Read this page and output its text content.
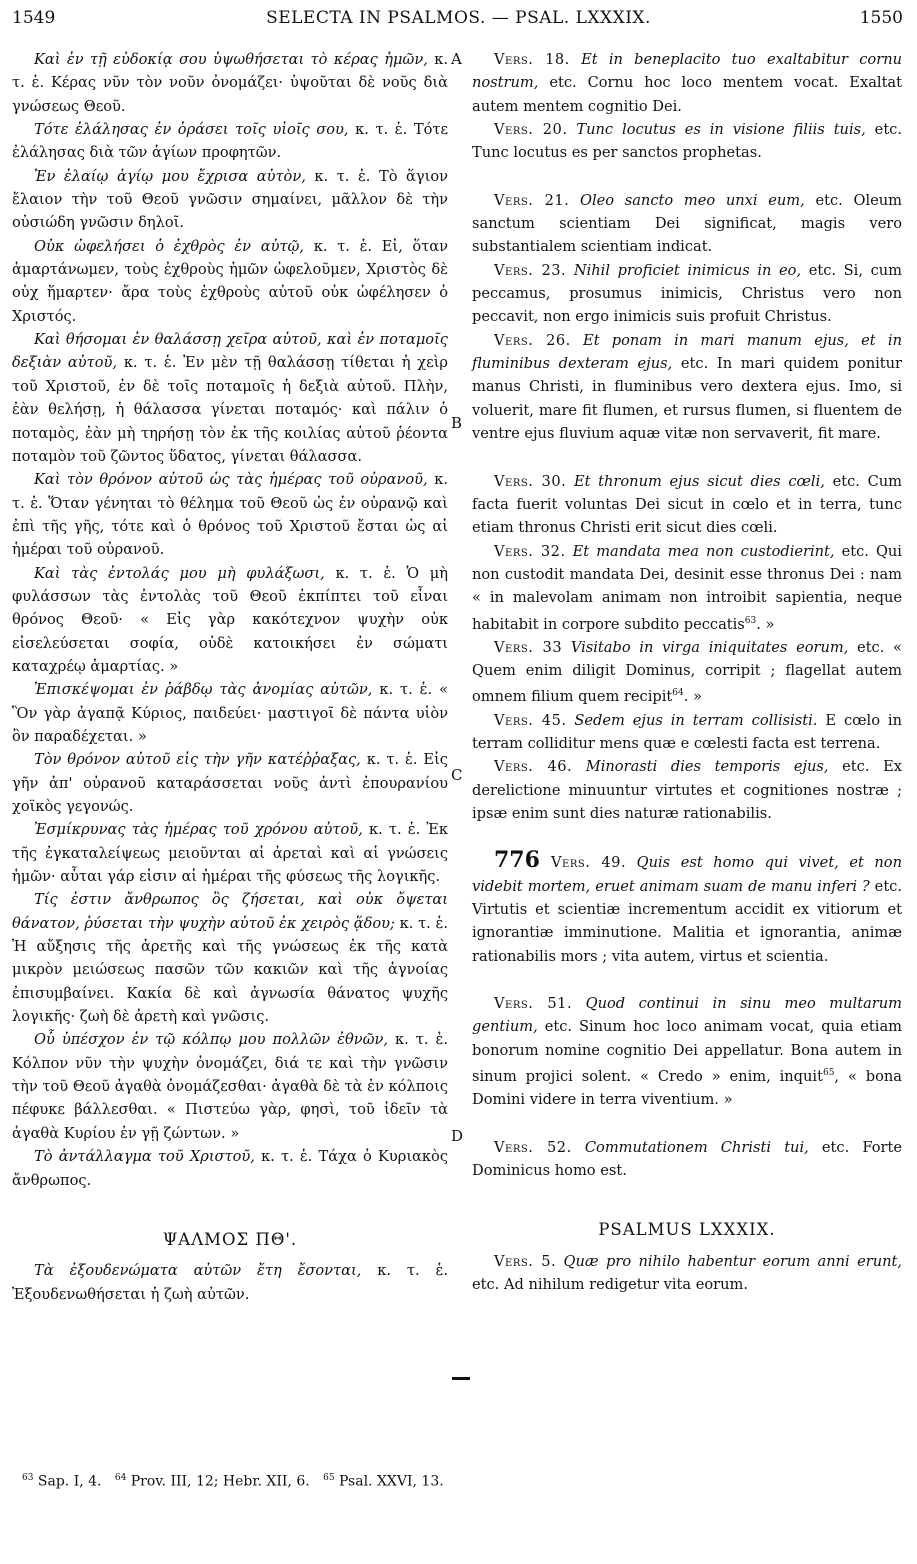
1549	SELECTA IN PSALMOS. — PSAL. LXXXIX.	1550
A
B
C
D

Καὶ ἐν τῇ εὐδοκίᾳ σου ὑψωθήσεται τὸ κέρας ἡμῶν, κ. τ. ἑ. Κέρας νῦν τὸν νοῦν ὀνομάζει· ὑψοῦται δὲ νοῦς διὰ γνώσεως Θεοῦ.

Τότε ἐλάλησας ἐν ὁράσει τοῖς υἱοῖς σου, κ. τ. ἑ. Τότε ἐλάλησας διὰ τῶν ἁγίων προφητῶν.

Ἐν ἐλαίῳ ἁγίῳ μου ἔχρισα αὐτὸν, κ. τ. ἑ. Τὸ ἅγιον ἔλαιον τὴν τοῦ Θεοῦ γνῶσιν σημαίνει, μᾶλλον δὲ τὴν οὐσιώδη γνῶσιν δηλοῖ.

Οὐκ ὠφελήσει ὁ ἐχθρὸς ἐν αὐτῷ, κ. τ. ἑ. Εἰ, ὅταν ἁμαρτάνωμεν, τοὺς ἐχθροὺς ἡμῶν ὠφελοῦμεν, Χριστὸς δὲ οὐχ ἥμαρτεν· ἄρα τοὺς ἐχθροὺς αὐτοῦ οὐκ ὠφέλησεν ὁ Χριστός.

Καὶ θήσομαι ἐν θαλάσσῃ χεῖρα αὐτοῦ, καὶ ἐν ποταμοῖς δεξιὰν αὐτοῦ, κ. τ. ἑ. Ἐν μὲν τῇ θαλάσσῃ τίθεται ἡ χεὶρ τοῦ Χριστοῦ, ἐν δὲ τοῖς ποταμοῖς ἡ δεξιὰ αὐτοῦ. Πλὴν, ἐὰν θελήσῃ, ἡ θάλασσα γίνεται ποταμός· καὶ πάλιν ὁ ποταμὸς, ἐὰν μὴ τηρήσῃ τὸν ἐκ τῆς κοιλίας αὐτοῦ ῥέοντα ποταμὸν τοῦ ζῶντος ὕδατος, γίνεται θάλασσα.

Καὶ τὸν θρόνον αὐτοῦ ὡς τὰς ἡμέρας τοῦ οὐρανοῦ, κ. τ. ἑ. Ὅταν γένηται τὸ θέλημα τοῦ Θεοῦ ὡς ἐν οὐρανῷ καὶ ἐπὶ τῆς γῆς, τότε καὶ ὁ θρόνος τοῦ Χριστοῦ ἔσται ὡς αἱ ἡμέραι τοῦ οὐρανοῦ.

Καὶ τὰς ἐντολάς μου μὴ φυλάξωσι, κ. τ. ἑ. Ὁ μὴ φυλάσσων τὰς ἐντολὰς τοῦ Θεοῦ ἐκπίπτει τοῦ εἶναι θρόνος Θεοῦ· « Εἰς γὰρ κακότεχνον ψυχὴν οὐκ εἰσελεύσεται σοφία, οὐδὲ κατοικήσει ἐν σώματι καταχρέῳ ἁμαρτίας. »

Ἐπισκέψομαι ἐν ῥάβδῳ τὰς ἀνομίας αὐτῶν, κ. τ. ἑ. « Ὃν γὰρ ἀγαπᾷ Κύριος, παιδεύει· μαστιγοῖ δὲ πάντα υἱὸν ὃν παραδέχεται. »

Τὸν θρόνον αὐτοῦ εἰς τὴν γῆν κατέῤῥαξας, κ. τ. ἑ. Εἰς γῆν ἀπ' οὐρανοῦ καταράσσεται νοῦς ἀντὶ ἐπουρανίου χοϊκὸς γεγονώς.

Ἐσμίκρυνας τὰς ἡμέρας τοῦ χρόνου αὐτοῦ, κ. τ. ἑ. Ἐκ τῆς ἐγκαταλείψεως μειοῦνται αἱ ἀρεταὶ καὶ αἱ γνώσεις ἡμῶν· αὗται γάρ εἰσιν αἱ ἡμέραι τῆς φύσεως τῆς λογικῆς.

Τίς ἐστιν ἄνθρωπος ὃς ζήσεται, καὶ οὐκ ὄψεται θάνατον, ῥύσεται τὴν ψυχὴν αὐτοῦ ἐκ χειρὸς ᾅδου; κ. τ. ἑ. Ἡ αὔξησις τῆς ἀρετῆς καὶ τῆς γνώσεως ἐκ τῆς κατὰ μικρὸν μειώσεως πασῶν τῶν κακιῶν καὶ τῆς ἀγνοίας ἐπισυμβαίνει. Κακία δὲ καὶ ἀγνωσία θάνατος ψυχῆς λογικῆς· ζωὴ δὲ ἀρετὴ καὶ γνῶσις.

Οὗ ὑπέσχον ἐν τῷ κόλπῳ μου πολλῶν ἐθνῶν, κ. τ. ἑ. Κόλπον νῦν τὴν ψυχὴν ὀνομάζει, διά τε καὶ τὴν γνῶσιν τὴν τοῦ Θεοῦ ἀγαθὰ ὀνομάζεσθαι· ἀγαθὰ δὲ τὰ ἐν κόλποις πέφυκε βάλλεσθαι. « Πιστεύω γὰρ, φησὶ, τοῦ ἰδεῖν τὰ ἀγαθὰ Κυρίου ἐν γῇ ζώντων. »

Τὸ ἀντάλλαγμα τοῦ Χριστοῦ, κ. τ. ἑ. Τάχα ὁ Κυριακὸς ἄνθρωπος.

ΨΑΛΜΟΣ ΠΘ'.

Τὰ ἐξουδενώματα αὐτῶν ἔτη ἔσονται, κ. τ. ἑ. Ἐξουδενωθήσεται ἡ ζωὴ αὐτῶν.

Vers. 18. Et in beneplacito tuo exaltabitur cornu nostrum, etc. Cornu hoc loco mentem vocat. Exaltat autem mentem cognitio Dei.

Vers. 20. Tunc locutus es in visione filiis tuis, etc. Tunc locutus es per sanctos prophetas.

Vers. 21. Oleo sancto meo unxi eum, etc. Oleum sanctum scientiam Dei significat, magis vero substantialem scientiam indicat.

Vers. 23. Nihil proficiet inimicus in eo, etc. Si, cum peccamus, prosumus inimicis, Christus vero non peccavit, non ergo inimicis suis profuit Christus.

Vers. 26. Et ponam in mari manum ejus, et in fluminibus dexteram ejus, etc. In mari quidem ponitur manus Christi, in fluminibus vero dextera ejus. Imo, si voluerit, mare fit flumen, et rursus flumen, si fluentem de ventre ejus fluvium aquæ vitæ non servaverit, fit mare.

Vers. 30. Et thronum ejus sicut dies cœli, etc. Cum facta fuerit voluntas Dei sicut in cœlo et in terra, tunc etiam thronus Christi erit sicut dies cœli.

Vers. 32. Et mandata mea non custodierint, etc. Qui non custodit mandata Dei, desinit esse thronus Dei : nam « in malevolam animam non introibit sapientia, neque habitabit in corpore subdito peccatis$^{63}$. »

Vers. 33 Visitabo in virga iniquitates eorum, etc. « Quem enim diligit Dominus, corripit ; flagellat autem omnem filium quem recipit$^{64}$. »

Vers. 45. Sedem ejus in terram collisisti. E cœlo in terram colliditur mens quæ e cœlesti facta est terrena.

Vers. 46. Minorasti dies temporis ejus, etc. Ex derelictione minuuntur virtutes et cognitiones nostræ ; ipsæ enim sunt dies naturæ rationabilis.

776 Vers. 49. Quis est homo qui vivet, et non videbit mortem, eruet animam suam de manu inferi ? etc. Virtutis et scientiæ incrementum accidit ex vitiorum et ignorantiæ imminutione. Malitia et ignorantia, animæ rationabilis mors ; vita autem, virtus et scientia.

Vers. 51. Quod continui in sinu meo multarum gentium, etc. Sinum hoc loco animam vocat, quia etiam bonorum nomine cognitio Dei appellatur. Bona autem in sinum projici solent. « Credo » enim, inquit$^{65}$, « bona Domini videre in terra viventium. »

Vers. 52. Commutationem Christi tui, etc. Forte Dominicus homo est.

PSALMUS LXXXIX.

Vers. 5. Quæ pro nihilo habentur eorum anni erunt, etc. Ad nihilum redigetur vita eorum.

$^{63}$ Sap. I, 4. $^{64}$ Prov. III, 12; Hebr. XII, 6. $^{65}$ Psal. XXVI, 13.
